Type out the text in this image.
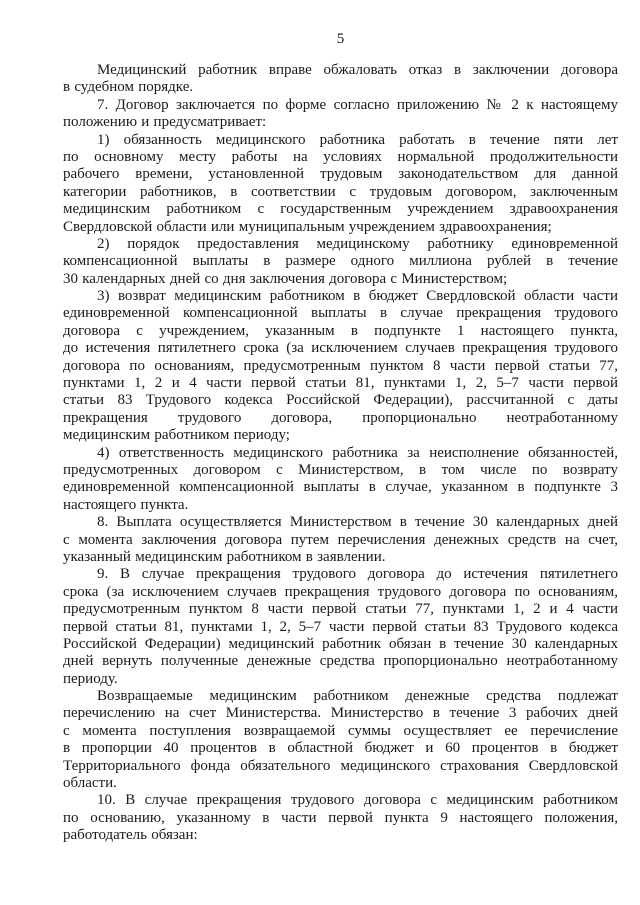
5
Медицинский работник вправе обжаловать отказ в заключении договора
в судебном порядке.
7. Договор заключается по форме согласно приложению № 2 к настоящему
положению и предусматривает:
1) обязанность медицинского работника работать в течение пяти лет
по основному месту работы на условиях нормальной продолжительности
рабочего времени, установленной трудовым законодательством для данной
категории работников, в соответствии с трудовым договором, заключенным
медицинским работником с государственным учреждением здравоохранения
Свердловской области или муниципальным учреждением здравоохранения;
2) порядок предоставления медицинскому работнику единовременной
компенсационной выплаты в размере одного миллиона рублей в течение
30 календарных дней со дня заключения договора с Министерством;
3) возврат медицинским работником в бюджет Свердловской области части
единовременной компенсационной выплаты в случае прекращения трудового
договора с учреждением, указанным в подпункте 1 настоящего пункта,
до истечения пятилетнего срока (за исключением случаев прекращения трудового
договора по основаниям, предусмотренным пунктом 8 части первой статьи 77,
пунктами 1, 2 и 4 части первой статьи 81, пунктами 1, 2, 5–7 части первой
статьи 83 Трудового кодекса Российской Федерации), рассчитанной с даты
прекращения трудового договора, пропорционально неотработанному
медицинским работником периоду;
4) ответственность медицинского работника за неисполнение обязанностей,
предусмотренных договором с Министерством, в том числе по возврату
единовременной компенсационной выплаты в случае, указанном в подпункте 3
настоящего пункта.
8. Выплата осуществляется Министерством в течение 30 календарных дней
с момента заключения договора путем перечисления денежных средств на счет,
указанный медицинским работником в заявлении.
9. В случае прекращения трудового договора до истечения пятилетнего
срока (за исключением случаев прекращения трудового договора по основаниям,
предусмотренным пунктом 8 части первой статьи 77, пунктами 1, 2 и 4 части
первой статьи 81, пунктами 1, 2, 5–7 части первой статьи 83 Трудового кодекса
Российской Федерации) медицинский работник обязан в течение 30 календарных
дней вернуть полученные денежные средства пропорционально неотработанному
периоду.
Возвращаемые медицинским работником денежные средства подлежат
перечислению на счет Министерства. Министерство в течение 3 рабочих дней
с момента поступления возвращаемой суммы осуществляет ее перечисление
в пропорции 40 процентов в областной бюджет и 60 процентов в бюджет
Территориального фонда обязательного медицинского страхования Свердловской
области.
10. В случае прекращения трудового договора с медицинским работником
по основанию, указанному в части первой пункта 9 настоящего положения,
работодатель обязан:
